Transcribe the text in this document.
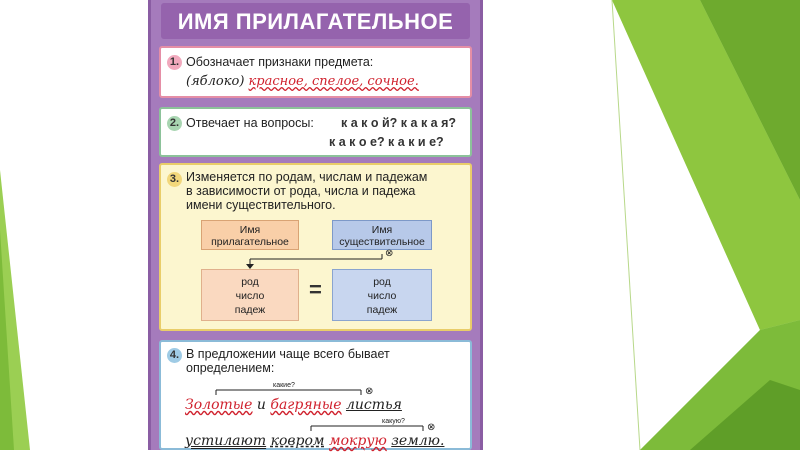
ИМЯ ПРИЛАГАТЕЛЬНОЕ
1. Обозначает признаки предмета:
(яблоко) красное, спелое, сочное.
2. Отвечает на вопросы: к а к о й? к а к а я?
к а к о е? к а к и е?
3. Изменяется по родам, числам и падежам
в зависимости от рода, числа и падежа
имени существительного.
Имя
прилагательное
Имя
существительное
⊗
род
число
падеж
=	род
число
падеж
4. В предложении чаще всего бывает
определением:
какие?
какую?
Золотые и багряные листья
⊗
устилают ковром мокрую землю.
⊗
